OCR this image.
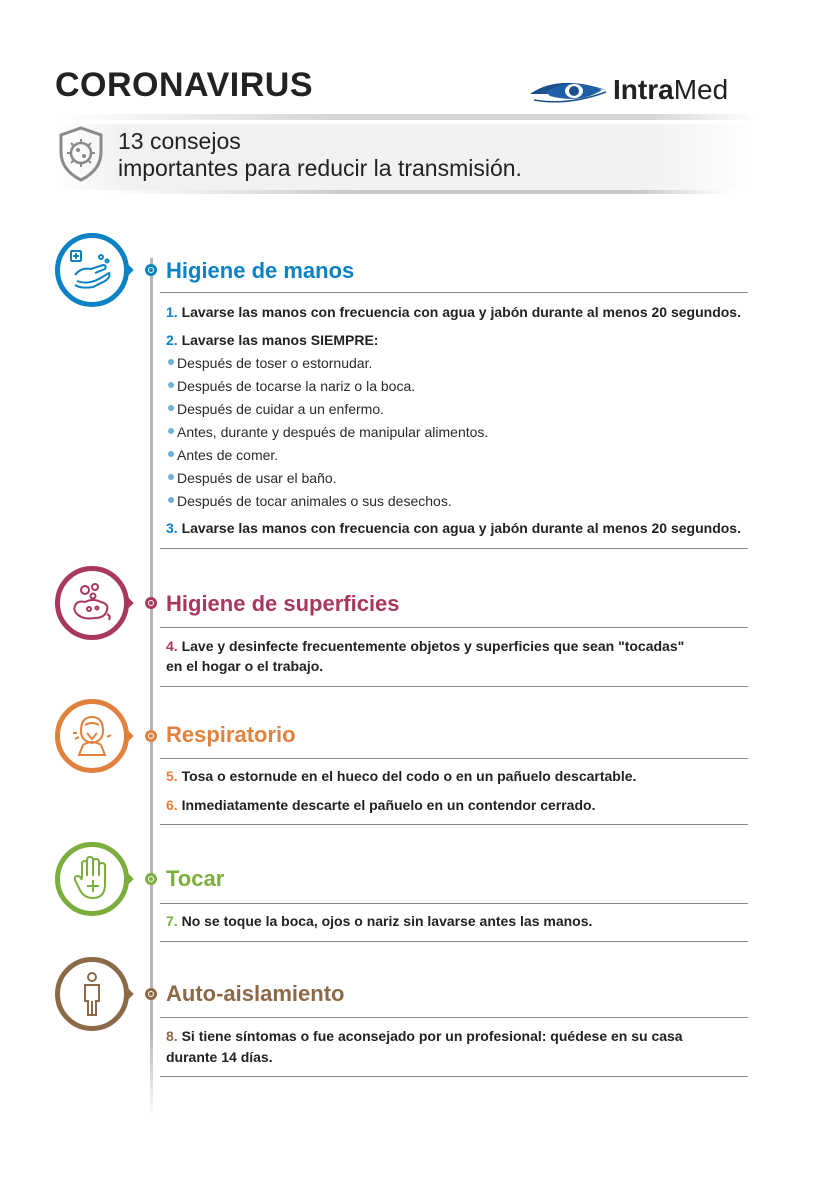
CORONAVIRUS	IntraMed
13 consejos
importantes para reducir la transmisión.
Higiene de manos
1. Lavarse las manos con frecuencia con agua y jabón durante al menos 20 segundos.
2. Lavarse las manos SIEMPRE:
Después de toser o estornudar.
Después de tocarse la nariz o la boca.
Después de cuidar a un enfermo.
Antes, durante y después de manipular alimentos.
Antes de comer.
Después de usar el baño.
Después de tocar animales o sus desechos.
3. Lavarse las manos con frecuencia con agua y jabón durante al menos 20 segundos.
Higiene de superficies
4. Lave y desinfecte frecuentemente objetos y superficies que sean "tocadas"
en el hogar o el trabajo.
Respiratorio
5. Tosa o estornude en el hueco del codo o en un pañuelo descartable.
6. Inmediatamente descarte el pañuelo en un contendor cerrado.
Tocar
7. No se toque la boca, ojos o nariz sin lavarse antes las manos.
Auto-aislamiento
8. Si tiene síntomas o fue aconsejado por un profesional: quédese en su casa
durante 14 días.
